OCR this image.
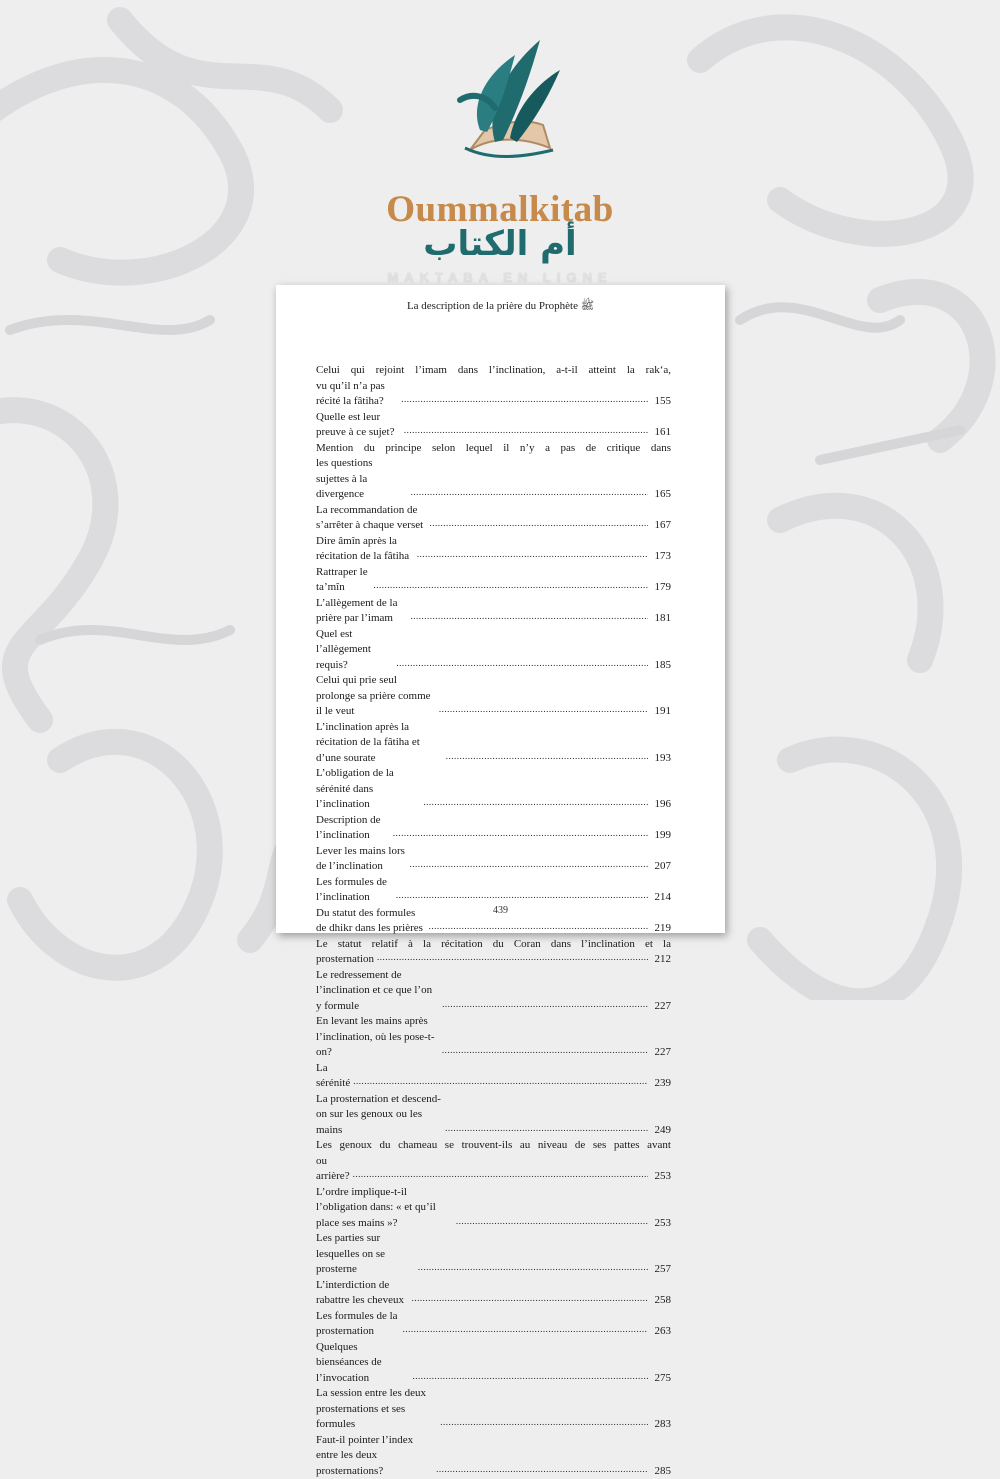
Oummalkitab
أم الكتاب
MAKTABA EN LIGNE
La description de la prière du Prophète ﷺ
Celui qui rejoint l’imam dans l’inclination, a-t-il atteint la rak‘a,
vu qu’il n’a pas récité la fâtiha? .....	155
Quelle est leur preuve à ce sujet? .....	161
Mention du principe selon lequel il n’y a pas de critique dans
les questions sujettes à la divergence .....	165
La recommandation de s’arrêter à chaque verset .....	167
Dire âmîn après la récitation de la fâtiha .....	173
Rattraper le ta’mîn .....	179
L’allègement de la prière par l’imam .....	181
Quel est l’allègement requis? .....	185
Celui qui prie seul prolonge sa prière comme il le veut .....	191
L’inclination après la récitation de la fâtiha et d’une sourate .....	193
L’obligation de la sérénité dans l’inclination .....	196
Description de l’inclination .....	199
Lever les mains lors de l’inclination .....	207
Les formules de l’inclination .....	214
Du statut des formules de dhikr dans les prières .....	219
Le statut relatif à la récitation du Coran dans l’inclination et la
prosternation .....	212
Le redressement de l’inclination et ce que l’on y formule .....	227
En levant les mains après l’inclination, où les pose-t-on? .....	227
La sérénité .....	239
La prosternation et descend-on sur les genoux ou les mains .....	249
Les genoux du chameau se trouvent-ils au niveau de ses pattes avant
ou arrière? .....	253
L’ordre implique-t-il l’obligation dans: « et qu’il place ses mains »? .....	253
Les parties sur lesquelles on se prosterne .....	257
L’interdiction de rabattre les cheveux .....	258
Les formules de la prosternation .....	263
Quelques bienséances de l’invocation .....	275
La session entre les deux prosternations et ses formules .....	283
Faut-il pointer l’index entre les deux prosternations? .....	285
439
